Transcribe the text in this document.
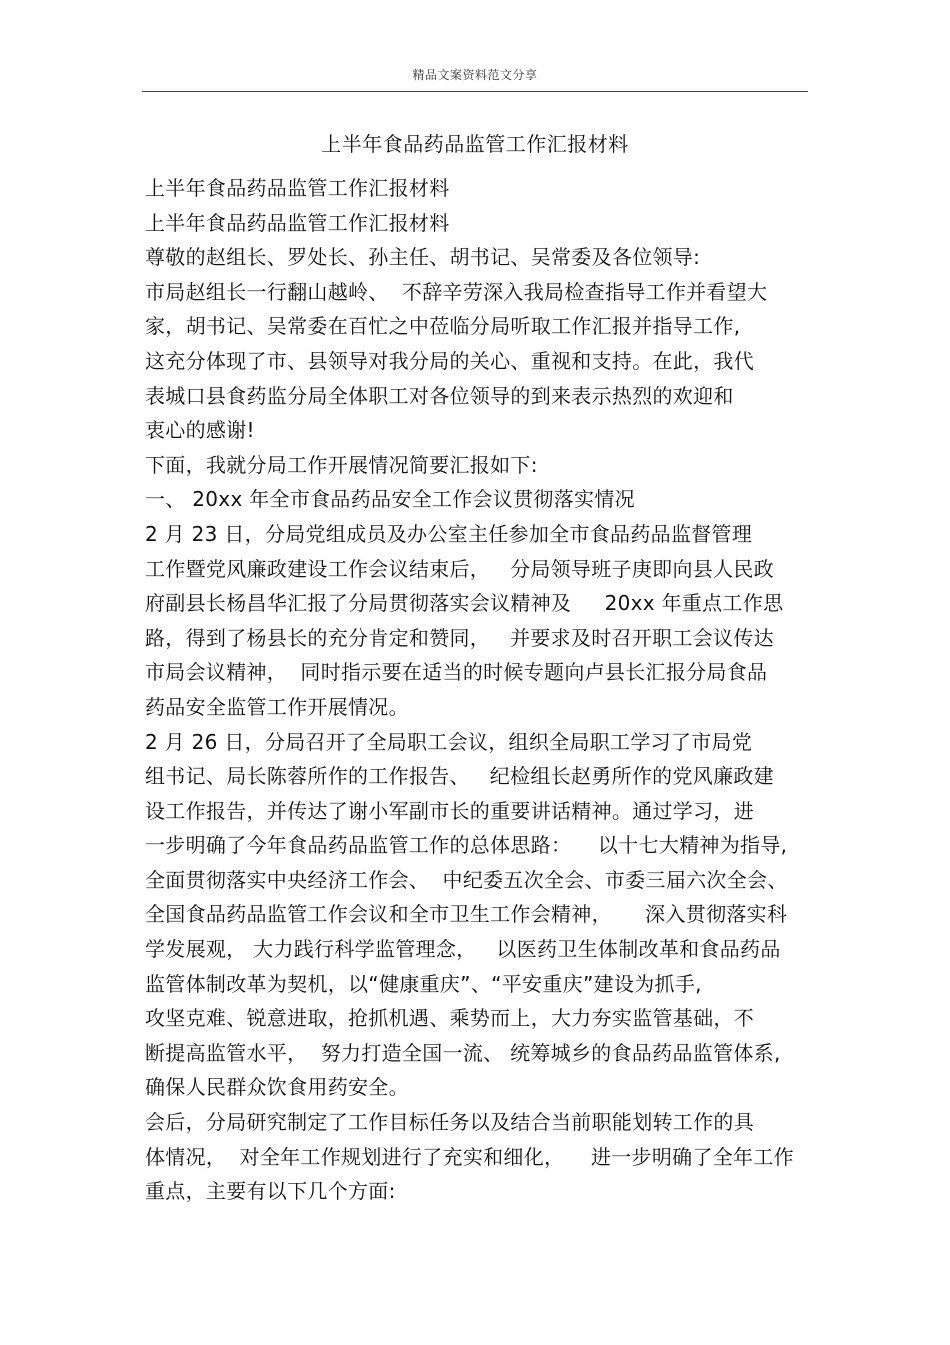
精品文案资料范文分享
上半年食品药品监管工作汇报材料
上半年食品药品监管工作汇报材料
上半年食品药品监管工作汇报材料
尊敬的赵组长、罗处长、孙主任、胡书记、吴常委及各位领导:
市局赵组长一行翻山越岭、  不辞辛劳深入我局检查指导工作并看望大
家，胡书记、吴常委在百忙之中莅临分局听取工作汇报并指导工作,
这充分体现了市、县领导对我分局的关心、重视和支持。在此，我代
表城口县食药监分局全体职工对各位领导的到来表示热烈的欢迎和
衷心的感谢!
下面，我就分局工作开展情况简要汇报如下:
一、 20xx 年全市食品药品安全工作会议贯彻落实情况
2 月 23 日，分局党组成员及办公室主任参加全市食品药品监督管理
工作暨党风廉政建设工作会议结束后，   分局领导班子庚即向县人民政
府副县长杨昌华汇报了分局贯彻落实会议精神及     20xx 年重点工作思
路，得到了杨县长的充分肯定和赞同，   并要求及时召开职工会议传达
市局会议精神，  同时指示要在适当的时候专题向卢县长汇报分局食品
药品安全监管工作开展情况。
2 月 26 日，分局召开了全局职工会议，组织全局职工学习了市局党
组书记、局长陈蓉所作的工作报告、   纪检组长赵勇所作的党风廉政建
设工作报告，并传达了谢小军副市长的重要讲话精神。通过学习，进
一步明确了今年食品药品监管工作的总体思路：    以十七大精神为指导,
全面贯彻落实中央经济工作会、  中纪委五次全会、市委三届六次全会、
全国食品药品监管工作会议和全市卫生工作会精神，     深入贯彻落实科
学发展观， 大力践行科学监管理念，   以医药卫生体制改革和食品药品
监管体制改革为契机，以“健康重庆”、“平安重庆”建设为抓手,
攻坚克难、锐意进取，抢抓机遇、乘势而上，大力夯实监管基础，不
断提高监管水平，  努力打造全国一流、 统筹城乡的食品药品监管体系,
确保人民群众饮食用药安全。
会后，分局研究制定了工作目标任务以及结合当前职能划转工作的具
体情况，  对全年工作规划进行了充实和细化，    进一步明确了全年工作
重点，主要有以下几个方面:
